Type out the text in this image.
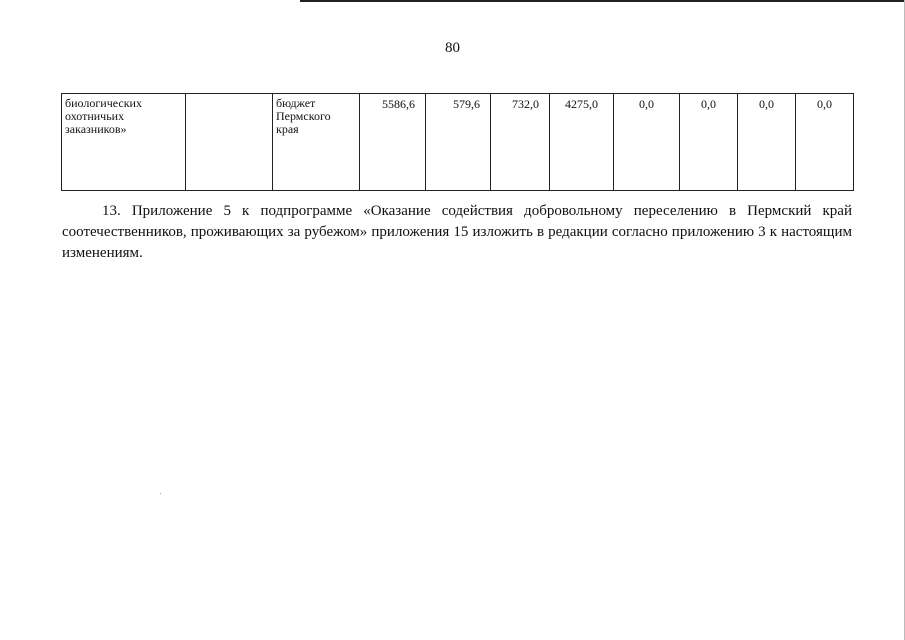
80
биологических охотничьих заказников»		бюджет Пермского края	5586,6	579,6	732,0	4275,0	0,0	0,0	0,0	0,0
13. Приложение 5 к подпрограмме «Оказание содействия добровольному переселению в Пермский край соотечественников, проживающих за рубежом» приложения 15 изложить в редакции согласно приложению 3 к настоящим изменениям.
